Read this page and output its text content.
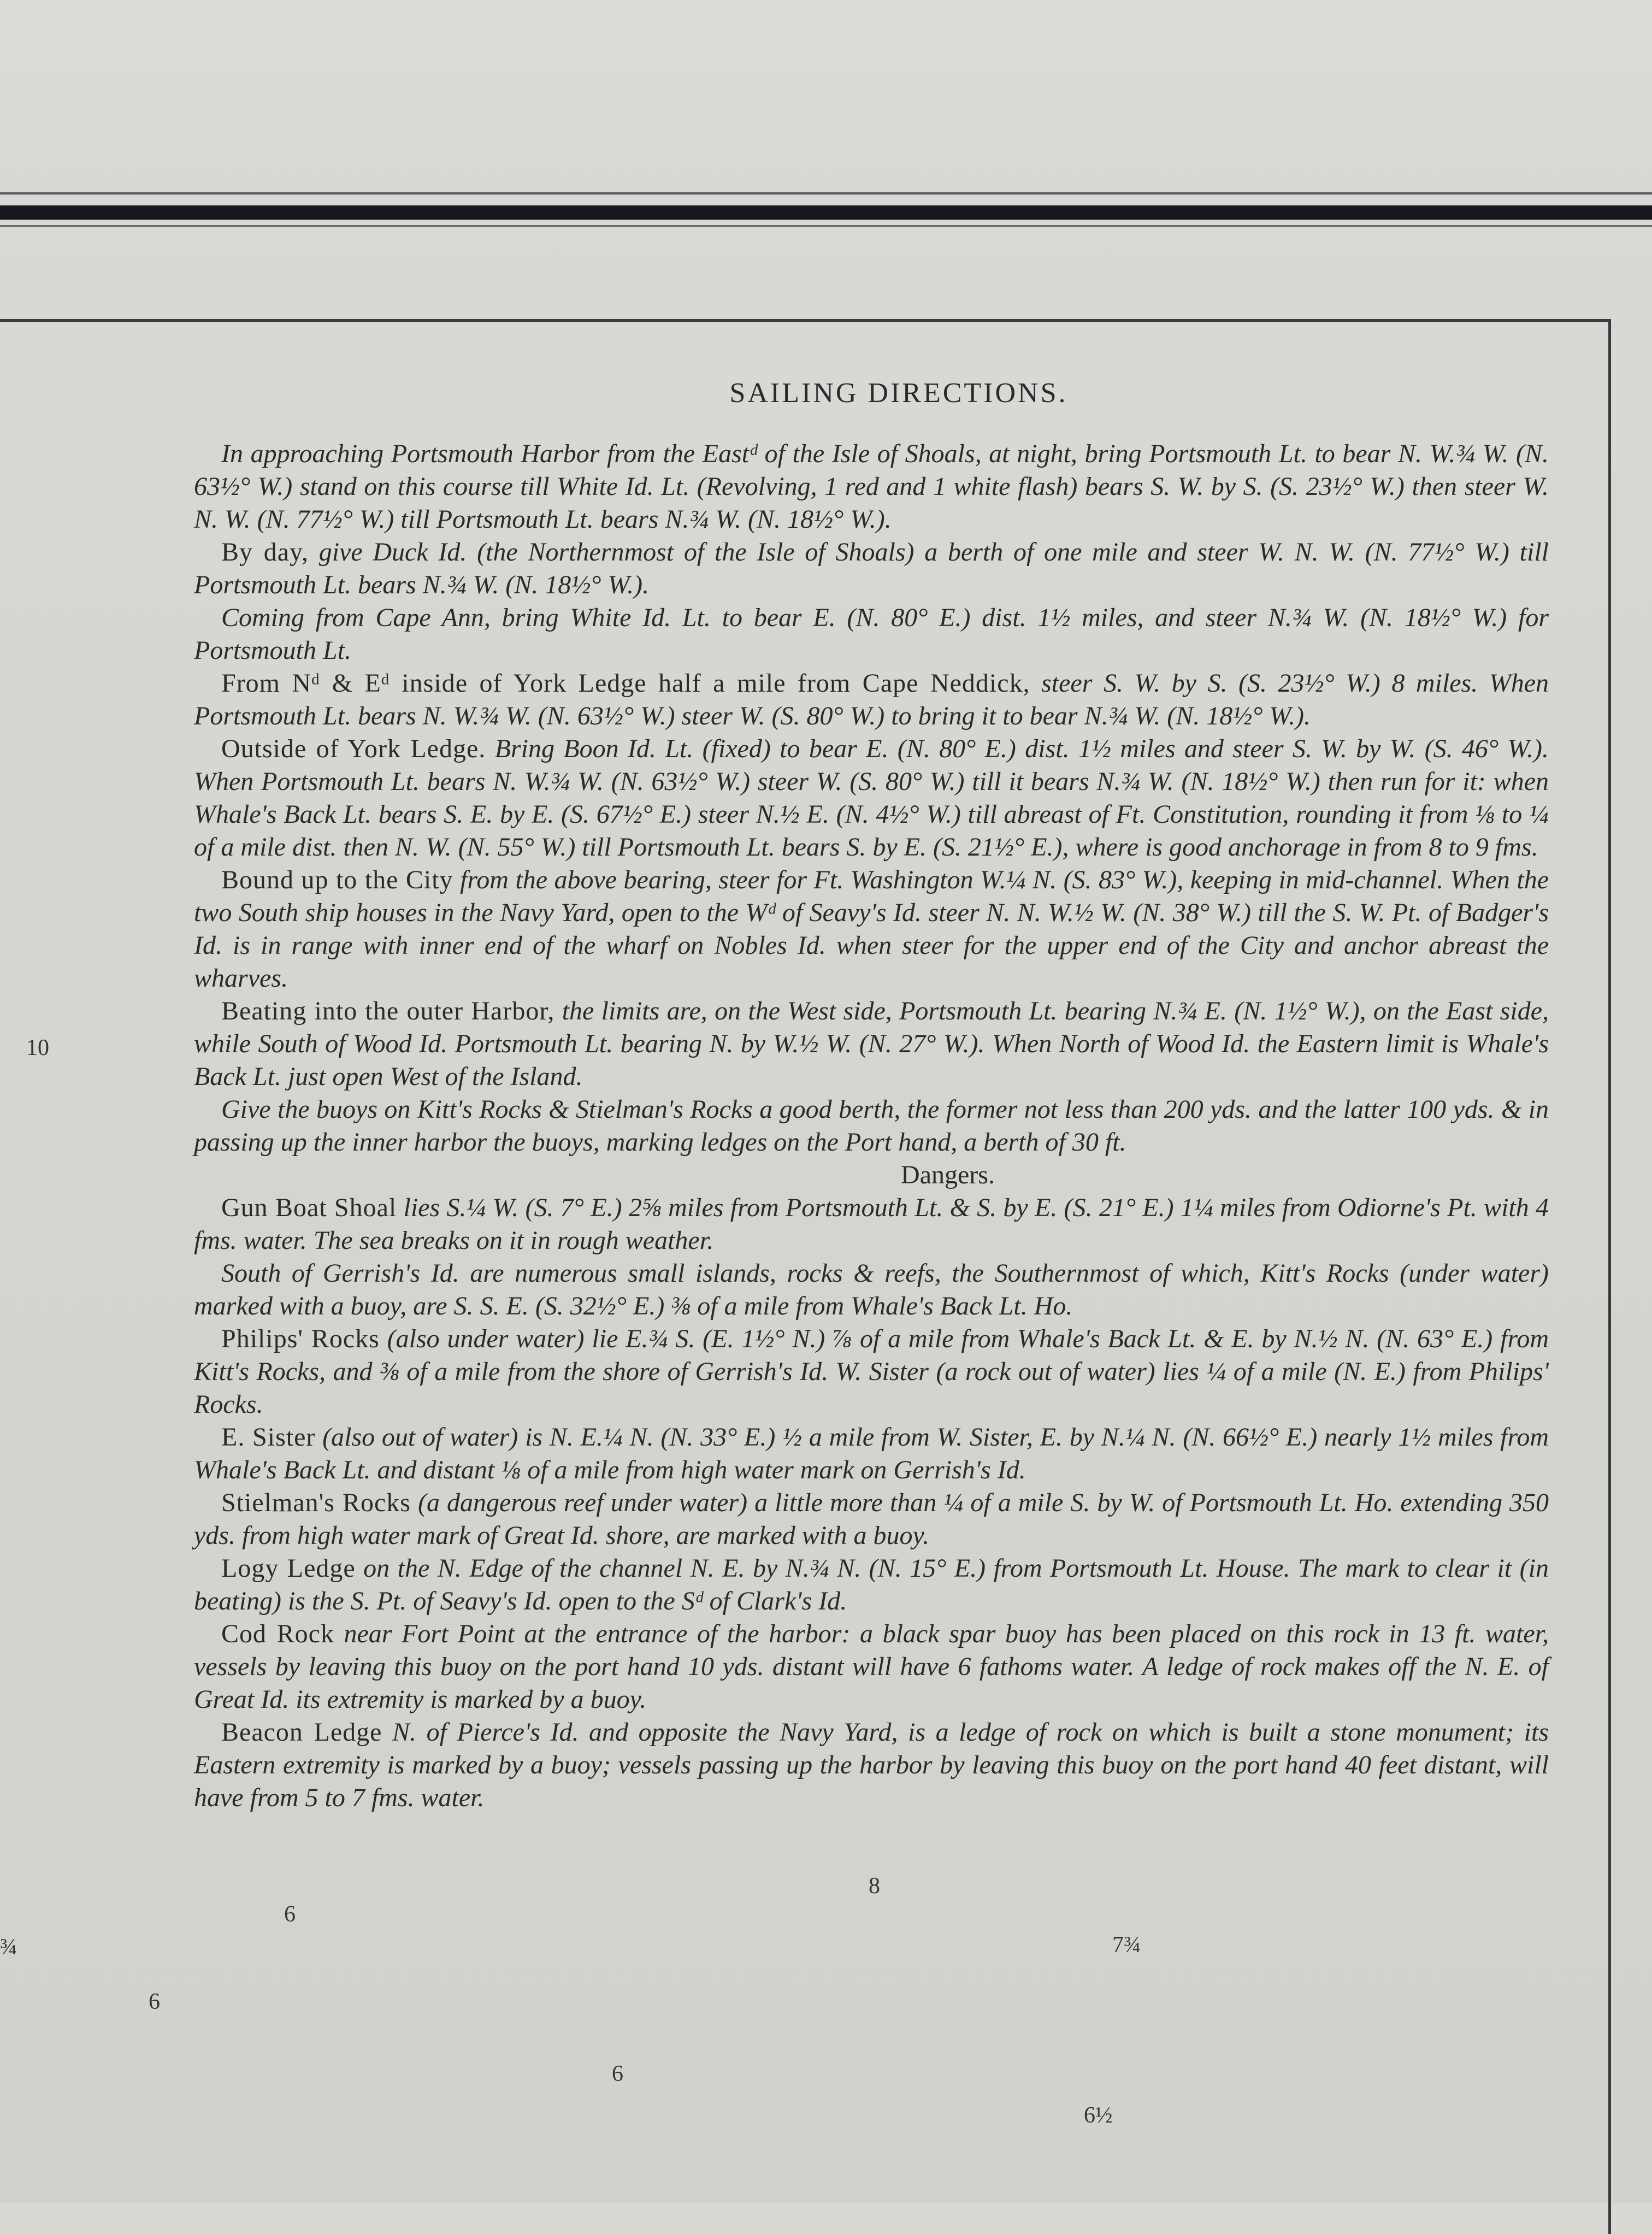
SAILING DIRECTIONS.

In approaching Portsmouth Harbor from the Eastᵈ of the Isle of Shoals, at night, bring Portsmouth Lt. to bear N. W.¾ W. (N. 63½° W.) stand on this course till White Id. Lt. (Revolving, 1 red and 1 white flash) bears S. W. by S. (S. 23½° W.) then steer W. N. W. (N. 77½° W.) till Portsmouth Lt. bears N.¾ W. (N. 18½° W.).

By day, give Duck Id. (the Northernmost of the Isle of Shoals) a berth of one mile and steer W. N. W. (N. 77½° W.) till Portsmouth Lt. bears N.¾ W. (N. 18½° W.).

Coming from Cape Ann, bring White Id. Lt. to bear E. (N. 80° E.) dist. 1½ miles, and steer N.¾ W. (N. 18½° W.) for Portsmouth Lt.

From Nᵈ & Eᵈ inside of York Ledge half a mile from Cape Neddick, steer S. W. by S. (S. 23½° W.) 8 miles. When Portsmouth Lt. bears N. W.¾ W. (N. 63½° W.) steer W. (S. 80° W.) to bring it to bear N.¾ W. (N. 18½° W.).

Outside of York Ledge. Bring Boon Id. Lt. (fixed) to bear E. (N. 80° E.) dist. 1½ miles and steer S. W. by W. (S. 46° W.). When Portsmouth Lt. bears N. W.¾ W. (N. 63½° W.) steer W. (S. 80° W.) till it bears N.¾ W. (N. 18½° W.) then run for it: when Whale's Back Lt. bears S. E. by E. (S. 67½° E.) steer N.½ E. (N. 4½° W.) till abreast of Ft. Constitution, rounding it from ⅛ to ¼ of a mile dist. then N. W. (N. 55° W.) till Portsmouth Lt. bears S. by E. (S. 21½° E.), where is good anchorage in from 8 to 9 fms.

Bound up to the City from the above bearing, steer for Ft. Washington W.¼ N. (S. 83° W.), keeping in mid-channel. When the two South ship houses in the Navy Yard, open to the Wᵈ of Seavy's Id. steer N. N. W.½ W. (N. 38° W.) till the S. W. Pt. of Badger's Id. is in range with inner end of the wharf on Nobles Id. when steer for the upper end of the City and anchor abreast the wharves.

Beating into the outer Harbor, the limits are, on the West side, Portsmouth Lt. bearing N.¾ E. (N. 1½° W.), on the East side, while South of Wood Id. Portsmouth Lt. bearing N. by W.½ W. (N. 27° W.). When North of Wood Id. the Eastern limit is Whale's Back Lt. just open West of the Island.

Give the buoys on Kitt's Rocks & Stielman's Rocks a good berth, the former not less than 200 yds. and the latter 100 yds. & in passing up the inner harbor the buoys, marking ledges on the Port hand, a berth of 30 ft.

Dangers.

Gun Boat Shoal lies S.¼ W. (S. 7° E.) 2⅝ miles from Portsmouth Lt. & S. by E. (S. 21° E.) 1¼ miles from Odiorne's Pt. with 4 fms. water. The sea breaks on it in rough weather.

South of Gerrish's Id. are numerous small islands, rocks & reefs, the Southernmost of which, Kitt's Rocks (under water) marked with a buoy, are S. S. E. (S. 32½° E.) ⅜ of a mile from Whale's Back Lt. Ho.

Philips' Rocks (also under water) lie E.¾ S. (E. 1½° N.) ⅞ of a mile from Whale's Back Lt. & E. by N.½ N. (N. 63° E.) from Kitt's Rocks, and ⅜ of a mile from the shore of Gerrish's Id. W. Sister (a rock out of water) lies ¼ of a mile (N. E.) from Philips' Rocks.

E. Sister (also out of water) is N. E.¼ N. (N. 33° E.) ½ a mile from W. Sister, E. by N.¼ N. (N. 66½° E.) nearly 1½ miles from Whale's Back Lt. and distant ⅛ of a mile from high water mark on Gerrish's Id.

Stielman's Rocks (a dangerous reef under water) a little more than ¼ of a mile S. by W. of Portsmouth Lt. Ho. extending 350 yds. from high water mark of Great Id. shore, are marked with a buoy.

Logy Ledge on the N. Edge of the channel N. E. by N.¾ N. (N. 15° E.) from Portsmouth Lt. House. The mark to clear it (in beating) is the S. Pt. of Seavy's Id. open to the Sᵈ of Clark's Id.

Cod Rock near Fort Point at the entrance of the harbor: a black spar buoy has been placed on this rock in 13 ft. water, vessels by leaving this buoy on the port hand 10 yds. distant will have 6 fathoms water. A ledge of rock makes off the N. E. of Great Id. its extremity is marked by a buoy.

Beacon Ledge N. of Pierce's Id. and opposite the Navy Yard, is a ledge of rock on which is built a stone monument; its Eastern extremity is marked by a buoy; vessels passing up the harbor by leaving this buoy on the port hand 40 feet distant, will have from 5 to 7 fms. water.

10
8
6
7¾
¾
6
6
6½
